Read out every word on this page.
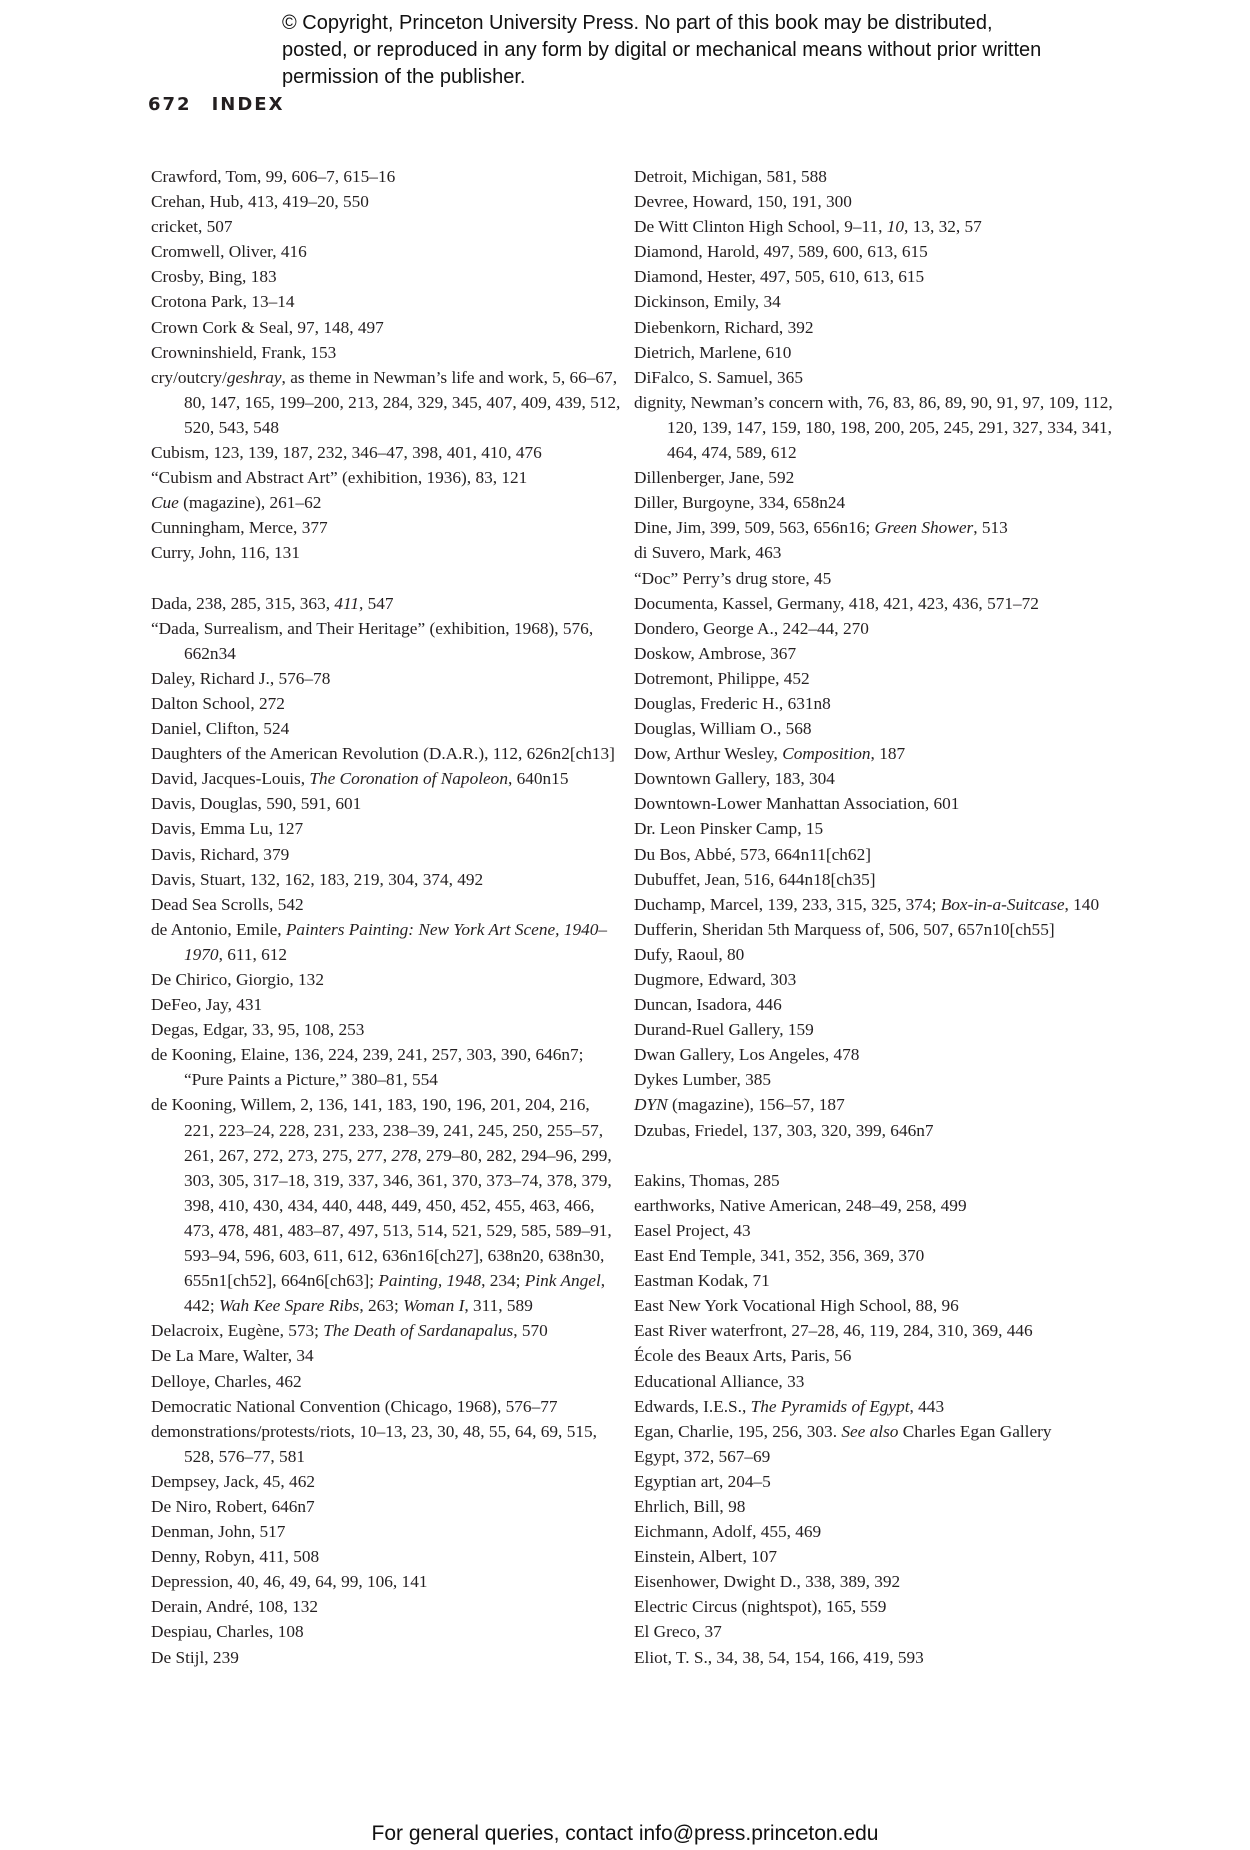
© Copyright, Princeton University Press. No part of this book may be distributed, posted, or reproduced in any form by digital or mechanical means without prior written permission of the publisher.
672 INDEX
Crawford, Tom, 99, 606–7, 615–16
Crehan, Hub, 413, 419–20, 550
cricket, 507
Cromwell, Oliver, 416
Crosby, Bing, 183
Crotona Park, 13–14
Crown Cork & Seal, 97, 148, 497
Crowninshield, Frank, 153
cry/outcry/geshray, as theme in Newman’s life and work, 5, 66–67, 80, 147, 165, 199–200, 213, 284, 329, 345, 407, 409, 439, 512, 520, 543, 548
Cubism, 123, 139, 187, 232, 346–47, 398, 401, 410, 476
“Cubism and Abstract Art” (exhibition, 1936), 83, 121
Cue (magazine), 261–62
Cunningham, Merce, 377
Curry, John, 116, 131
Dada, 238, 285, 315, 363, 411, 547
“Dada, Surrealism, and Their Heritage” (exhibition, 1968), 576, 662n34
Daley, Richard J., 576–78
Dalton School, 272
Daniel, Clifton, 524
Daughters of the American Revolution (D.A.R.), 112, 626n2[ch13]
David, Jacques-Louis, The Coronation of Napoleon, 640n15
Davis, Douglas, 590, 591, 601
Davis, Emma Lu, 127
Davis, Richard, 379
Davis, Stuart, 132, 162, 183, 219, 304, 374, 492
Dead Sea Scrolls, 542
de Antonio, Emile, Painters Painting: New York Art Scene, 1940–1970, 611, 612
De Chirico, Giorgio, 132
DeFeo, Jay, 431
Degas, Edgar, 33, 95, 108, 253
de Kooning, Elaine, 136, 224, 239, 241, 257, 303, 390, 646n7; “Pure Paints a Picture,” 380–81, 554
de Kooning, Willem, 2, 136, 141, 183, 190, 196, 201, 204, 216, 221, 223–24, 228, 231, 233, 238–39, 241, 245, 250, 255–57, 261, 267, 272, 273, 275, 277, 278, 279–80, 282, 294–96, 299, 303, 305, 317–18, 319, 337, 346, 361, 370, 373–74, 378, 379, 398, 410, 430, 434, 440, 448, 449, 450, 452, 455, 463, 466, 473, 478, 481, 483–87, 497, 513, 514, 521, 529, 585, 589–91, 593–94, 596, 603, 611, 612, 636n16[ch27], 638n20, 638n30, 655n1[ch52], 664n6[ch63]; Painting, 1948, 234; Pink Angel, 442; Wah Kee Spare Ribs, 263; Woman I, 311, 589
Delacroix, Eugène, 573; The Death of Sardanapalus, 570
De La Mare, Walter, 34
Delloye, Charles, 462
Democratic National Convention (Chicago, 1968), 576–77
demonstrations/protests/riots, 10–13, 23, 30, 48, 55, 64, 69, 515, 528, 576–77, 581
Dempsey, Jack, 45, 462
De Niro, Robert, 646n7
Denman, John, 517
Denny, Robyn, 411, 508
Depression, 40, 46, 49, 64, 99, 106, 141
Derain, André, 108, 132
Despiau, Charles, 108
De Stijl, 239
Detroit, Michigan, 581, 588
Devree, Howard, 150, 191, 300
De Witt Clinton High School, 9–11, 10, 13, 32, 57
Diamond, Harold, 497, 589, 600, 613, 615
Diamond, Hester, 497, 505, 610, 613, 615
Dickinson, Emily, 34
Diebenkorn, Richard, 392
Dietrich, Marlene, 610
DiFalco, S. Samuel, 365
dignity, Newman’s concern with, 76, 83, 86, 89, 90, 91, 97, 109, 112, 120, 139, 147, 159, 180, 198, 200, 205, 245, 291, 327, 334, 341, 464, 474, 589, 612
Dillenberger, Jane, 592
Diller, Burgoyne, 334, 658n24
Dine, Jim, 399, 509, 563, 656n16; Green Shower, 513
di Suvero, Mark, 463
“Doc” Perry’s drug store, 45
Documenta, Kassel, Germany, 418, 421, 423, 436, 571–72
Dondero, George A., 242–44, 270
Doskow, Ambrose, 367
Dotremont, Philippe, 452
Douglas, Frederic H., 631n8
Douglas, William O., 568
Dow, Arthur Wesley, Composition, 187
Downtown Gallery, 183, 304
Downtown-Lower Manhattan Association, 601
Dr. Leon Pinsker Camp, 15
Du Bos, Abbé, 573, 664n11[ch62]
Dubuffet, Jean, 516, 644n18[ch35]
Duchamp, Marcel, 139, 233, 315, 325, 374; Box-in-a-Suitcase, 140
Dufferin, Sheridan 5th Marquess of, 506, 507, 657n10[ch55]
Dufy, Raoul, 80
Dugmore, Edward, 303
Duncan, Isadora, 446
Durand-Ruel Gallery, 159
Dwan Gallery, Los Angeles, 478
Dykes Lumber, 385
DYN (magazine), 156–57, 187
Dzubas, Friedel, 137, 303, 320, 399, 646n7
Eakins, Thomas, 285
earthworks, Native American, 248–49, 258, 499
Easel Project, 43
East End Temple, 341, 352, 356, 369, 370
Eastman Kodak, 71
East New York Vocational High School, 88, 96
East River waterfront, 27–28, 46, 119, 284, 310, 369, 446
École des Beaux Arts, Paris, 56
Educational Alliance, 33
Edwards, I.E.S., The Pyramids of Egypt, 443
Egan, Charlie, 195, 256, 303. See also Charles Egan Gallery
Egypt, 372, 567–69
Egyptian art, 204–5
Ehrlich, Bill, 98
Eichmann, Adolf, 455, 469
Einstein, Albert, 107
Eisenhower, Dwight D., 338, 389, 392
Electric Circus (nightspot), 165, 559
El Greco, 37
Eliot, T. S., 34, 38, 54, 154, 166, 419, 593
For general queries, contact info@press.princeton.edu
